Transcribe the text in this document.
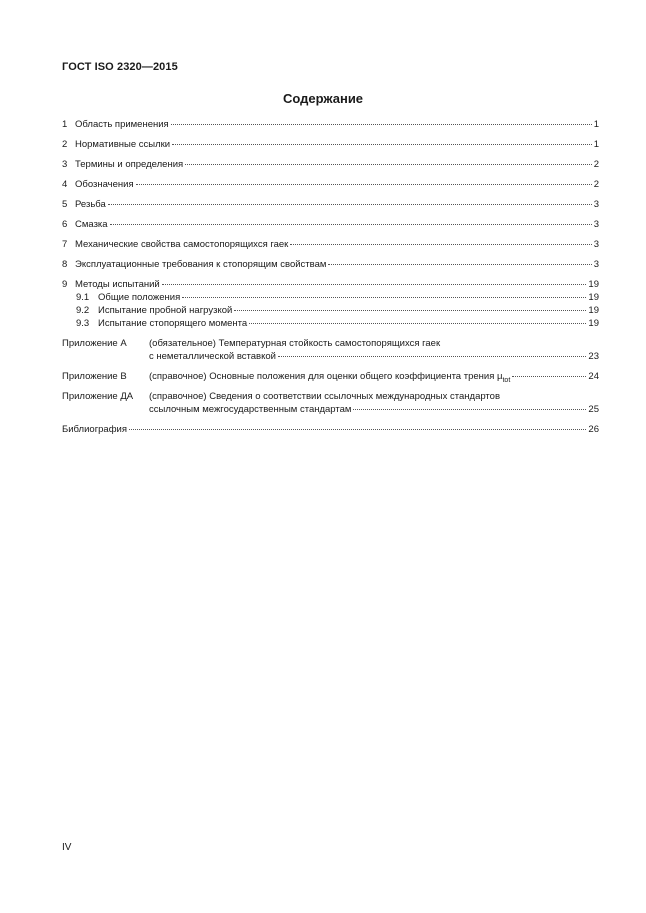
ГОСТ ISO 2320—2015
Содержание
1 Область применения	1
2 Нормативные ссылки	1
3 Термины и определения	2
4 Обозначения	2
5 Резьба	3
6 Смазка	3
7 Механические свойства самостопорящихся гаек	3
8 Эксплуатационные требования к стопорящим свойствам	3
9 Методы испытаний	19
9.1 Общие положения	19
9.2 Испытание пробной нагрузкой	19
9.3 Испытание стопорящего момента	19
Приложение А	(обязательное) Температурная стойкость самостопорящихся гаек
с неметаллической вставкой	23
Приложение В	(справочное) Основные положения для оценки общего коэффициента трения $\mu_{tot}$	24
Приложение ДА	(справочное) Сведения о соответствии ссылочных международных стандартов
ссылочным межгосударственным стандартам	25
Библиография	26
IV
